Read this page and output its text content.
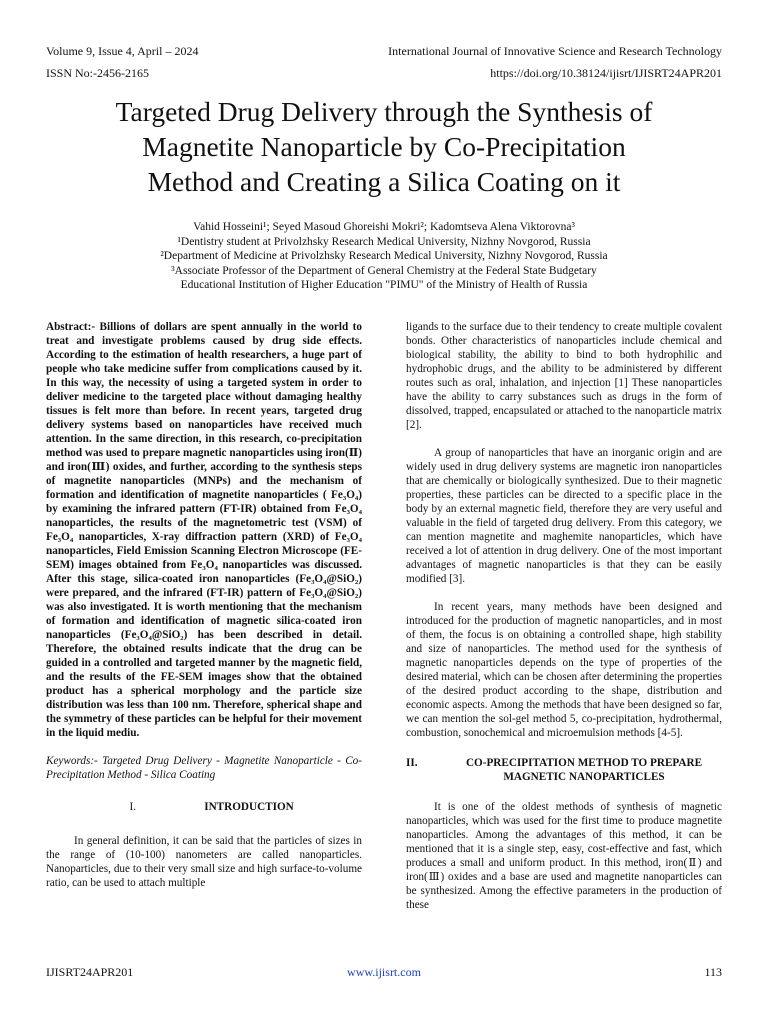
Volume 9, Issue 4, April – 2024	International Journal of Innovative Science and Research Technology
ISSN No:-2456-2165	https://doi.org/10.38124/ijisrt/IJISRT24APR201
Targeted Drug Delivery through the Synthesis of
Magnetite Nanoparticle by Co-Precipitation
Method and Creating a Silica Coating on it
Vahid Hosseini¹; Seyed Masoud Ghoreishi Mokri²; Kadomtseva Alena Viktorovna³
¹Dentistry student at Privolzhsky Research Medical University, Nizhny Novgorod, Russia
²Department of Medicine at Privolzhsky Research Medical University, Nizhny Novgorod, Russia
³Associate Professor of the Department of General Chemistry at the Federal State Budgetary
Educational Institution of Higher Education "PIMU" of the Ministry of Health of Russia

Abstract:- Billions of dollars are spent annually in the world to treat and investigate problems caused by drug side effects. According to the estimation of health researchers, a huge part of people who take medicine suffer from complications caused by it. In this way, the necessity of using a targeted system in order to deliver medicine to the targeted place without damaging healthy tissues is felt more than before. In recent years, targeted drug delivery systems based on nanoparticles have received much attention. In the same direction, in this research, co-precipitation method was used to prepare magnetic nanoparticles using iron(Ⅱ) and iron(Ⅲ) oxides, and further, according to the synthesis steps of magnetite nanoparticles (MNPs) and the mechanism of formation and identification of magnetite nanoparticles ( Fe₃O₄) by examining the infrared pattern (FT-IR) obtained from Fe₃O₄ nanoparticles, the results of the magnetometric test (VSM) of Fe₃O₄ nanoparticles, X-ray diffraction pattern (XRD) of Fe₃O₄ nanoparticles, Field Emission Scanning Electron Microscope (FE-SEM) images obtained from Fe₃O₄ nanoparticles was discussed. After this stage, silica-coated iron nanoparticles (Fe₃O₄@SiO₂) were prepared, and the infrared (FT-IR) pattern of Fe₃O₄@SiO₂) was also investigated. It is worth mentioning that the mechanism of formation and identification of magnetic silica-coated iron nanoparticles (Fe₃O₄@SiO₂) has been described in detail. Therefore, the obtained results indicate that the drug can be guided in a controlled and targeted manner by the magnetic field, and the results of the FE-SEM images show that the obtained product has a spherical morphology and the particle size distribution was less than 100 nm. Therefore, spherical shape and the symmetry of these particles can be helpful for their movement in the liquid mediu.

Keywords:- Targeted Drug Delivery - Magnetite Nanoparticle - Co-Precipitation Method - Silica Coating

I.	INTRODUCTION

In general definition, it can be said that the particles of sizes in the range of (10-100) nanometers are called nanoparticles. Nanoparticles, due to their very small size and high surface-to-volume ratio, can be used to attach multiple

ligands to the surface due to their tendency to create multiple covalent bonds. Other characteristics of nanoparticles include chemical and biological stability, the ability to bind to both hydrophilic and hydrophobic drugs, and the ability to be administered by different routes such as oral, inhalation, and injection [1] These nanoparticles have the ability to carry substances such as drugs in the form of dissolved, trapped, encapsulated or attached to the nanoparticle matrix [2].

A group of nanoparticles that have an inorganic origin and are widely used in drug delivery systems are magnetic iron nanoparticles that are chemically or biologically synthesized. Due to their magnetic properties, these particles can be directed to a specific place in the body by an external magnetic field, therefore they are very useful and valuable in the field of targeted drug delivery. From this category, we can mention magnetite and maghemite nanoparticles, which have received a lot of attention in drug delivery. One of the most important advantages of magnetic nanoparticles is that they can be easily modified [3].

In recent years, many methods have been designed and introduced for the production of magnetic nanoparticles, and in most of them, the focus is on obtaining a controlled shape, high stability and size of nanoparticles. The method used for the synthesis of magnetic nanoparticles depends on the type of properties of the desired material, which can be chosen after determining the properties of the desired product according to the shape, distribution and economic aspects. Among the methods that have been designed so far, we can mention the sol-gel method 5, co-precipitation, hydrothermal, combustion, sonochemical and microemulsion methods [4-5].

II.	CO-PRECIPITATION METHOD TO PREPARE
MAGNETIC NANOPARTICLES

It is one of the oldest methods of synthesis of magnetic nanoparticles, which was used for the first time to produce magnetite nanoparticles. Among the advantages of this method, it can be mentioned that it is a single step, easy, cost-effective and fast, which produces a small and uniform product. In this method, iron(Ⅱ) and iron(Ⅲ) oxides and a base are used and magnetite nanoparticles can be synthesized. Among the effective parameters in the production of these

IJISRT24APR201	www.ijisrt.com	113
